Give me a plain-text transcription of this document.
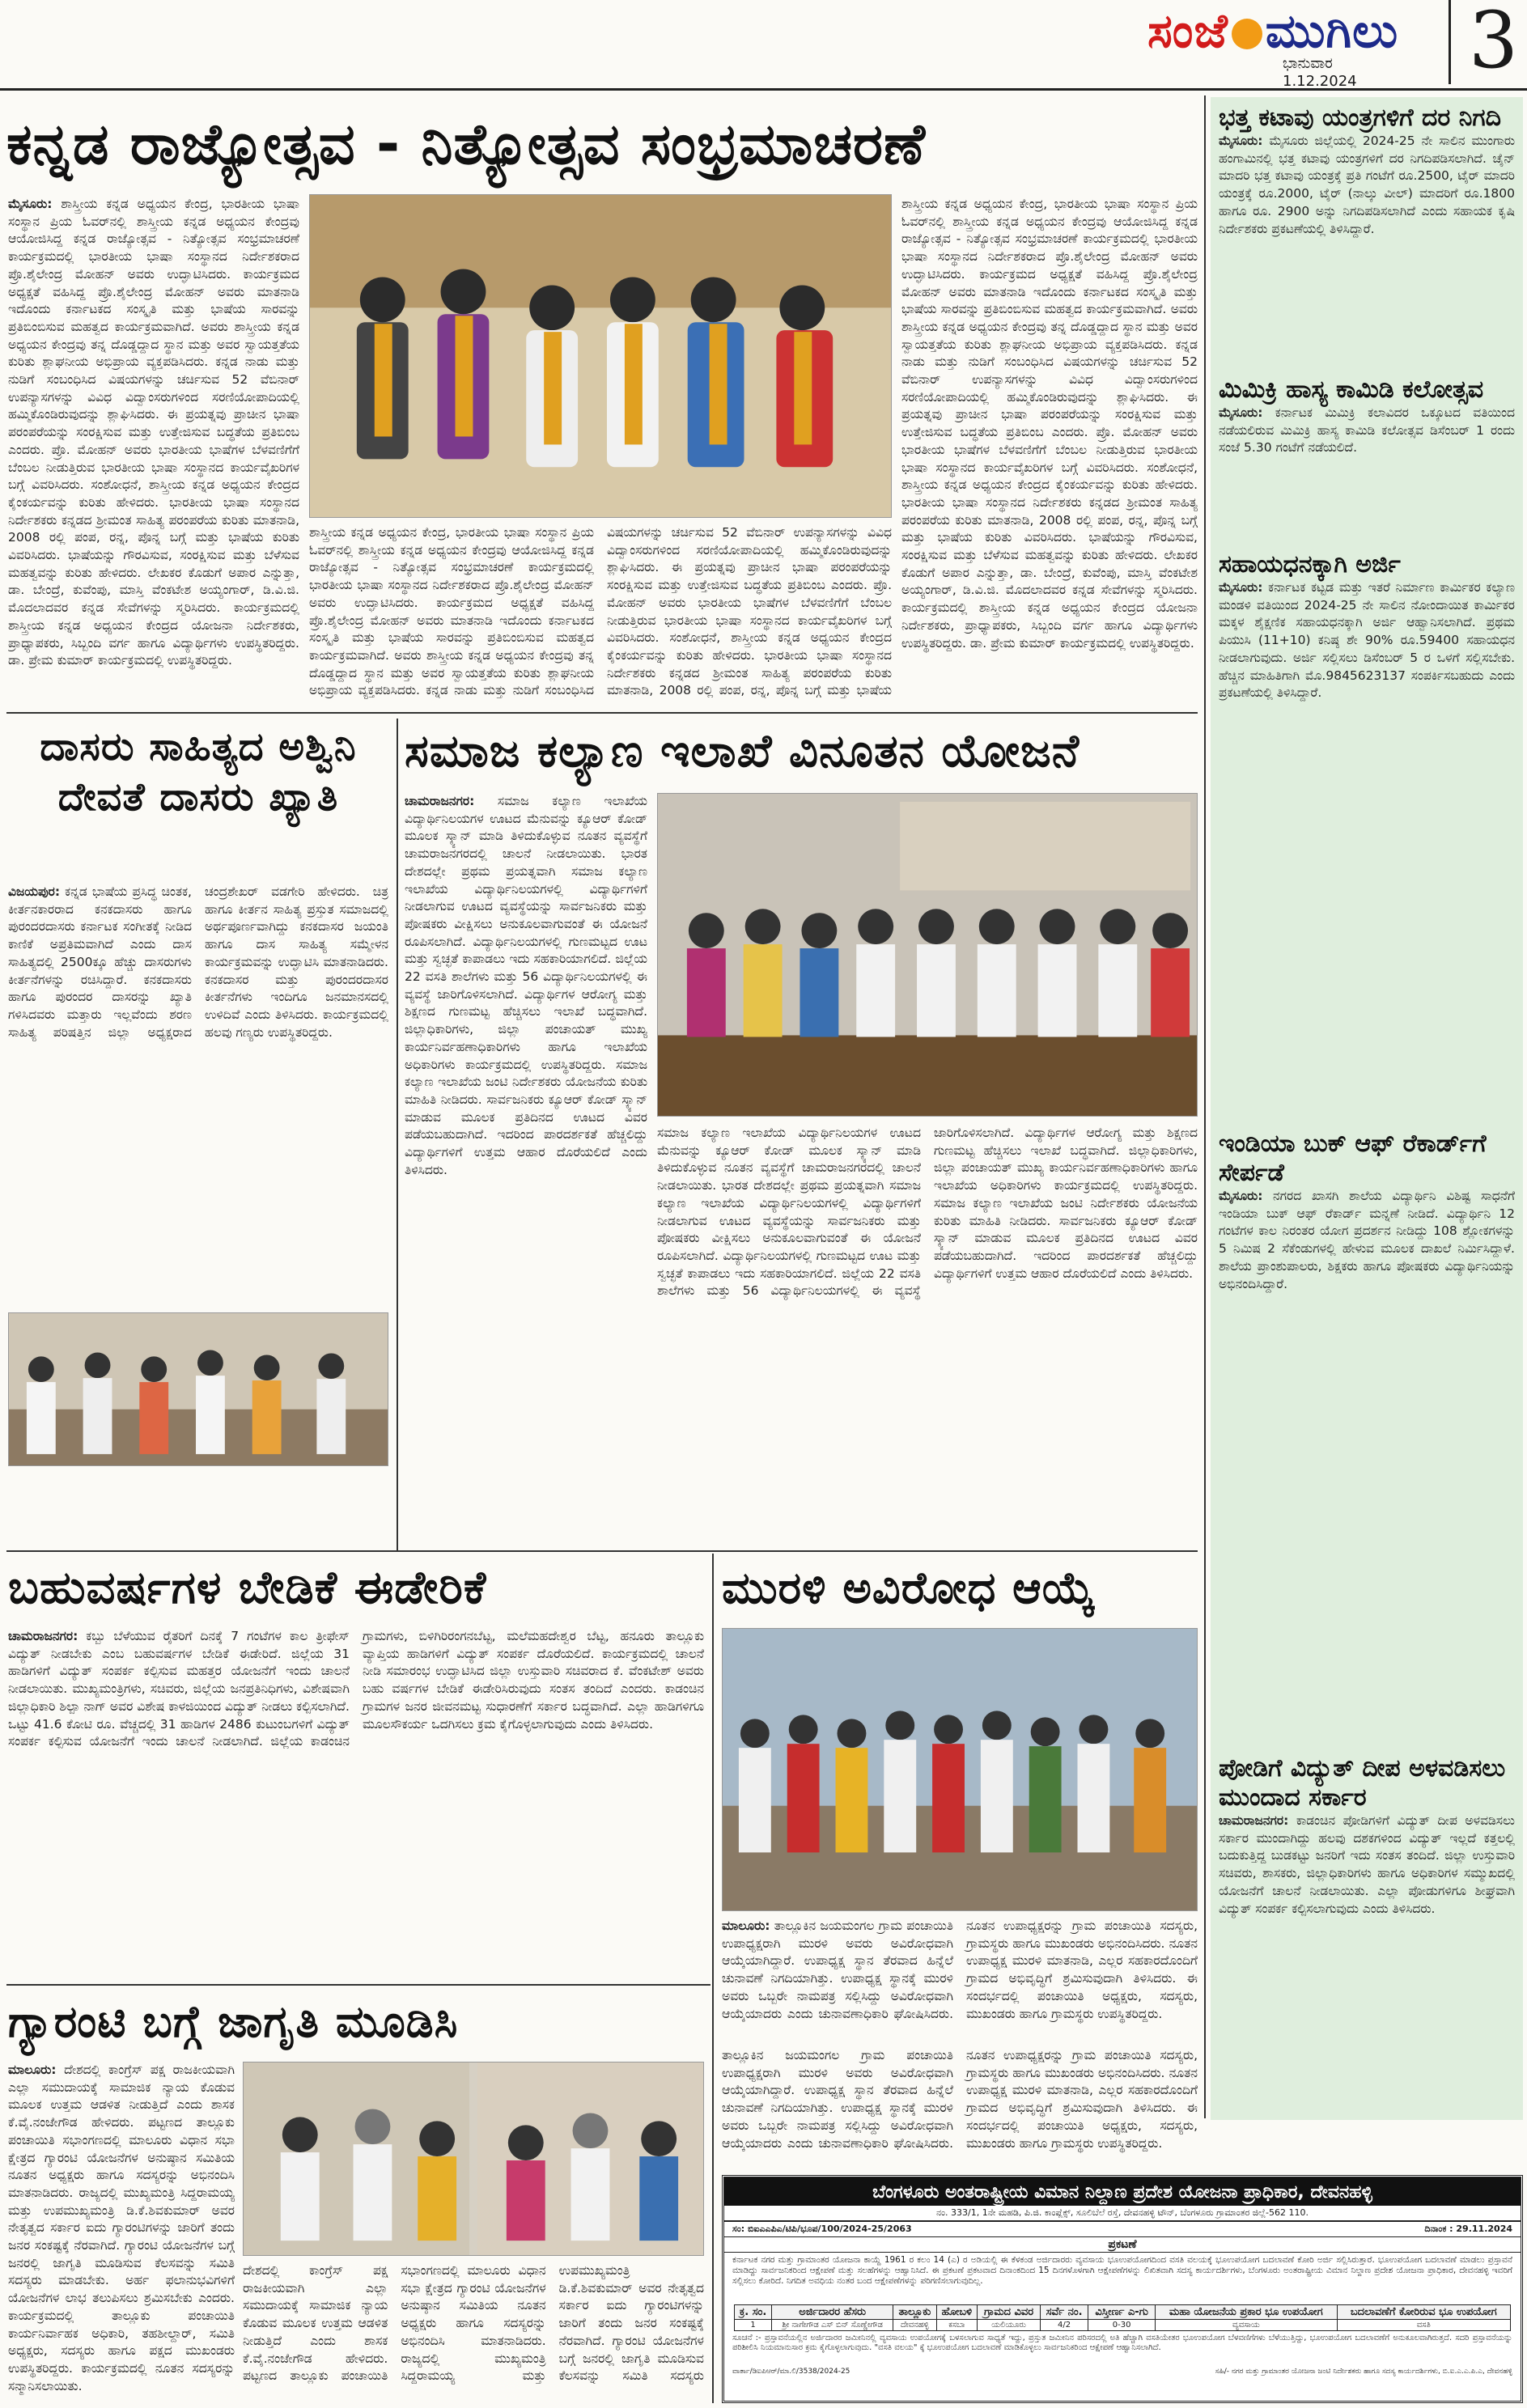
ಸಂಜೆ ಮುಗಿಲು
ಭಾನುವಾರ
1.12.2024 3
ಕನ್ನಡ ರಾಜ್ಯೋತ್ಸವ - ನಿತ್ಯೋತ್ಸವ ಸಂಭ್ರಮಾಚರಣೆ
ಮೈಸೂರು: ಶಾಸ್ತ್ರೀಯ ಕನ್ನಡ ಅಧ್ಯಯನ ಕೇಂದ್ರ, ಭಾರತೀಯ ಭಾಷಾ ಸಂಸ್ಥಾನ ಪ್ರಿಯ ಓವರ್‌ನಲ್ಲಿ ಶಾಸ್ತ್ರೀಯ ಕನ್ನಡ ಅಧ್ಯಯನ ಕೇಂದ್ರವು ಆಯೋಜಿಸಿದ್ದ ಕನ್ನಡ ರಾಜ್ಯೋತ್ಸವ - ನಿತ್ಯೋತ್ಸವ ಸಂಭ್ರಮಾಚರಣೆ ಕಾರ್ಯಕ್ರಮದಲ್ಲಿ ಭಾರತೀಯ ಭಾಷಾ ಸಂಸ್ಥಾನದ ನಿರ್ದೇಶಕರಾದ ಪ್ರೊ.ಶೈಲೇಂದ್ರ ಮೋಹನ್ ಅವರು ಉದ್ಘಾಟಿಸಿದರು. ಕಾರ್ಯಕ್ರಮದ ಅಧ್ಯಕ್ಷತೆ ವಹಿಸಿದ್ದ ಪ್ರೊ.ಶೈಲೇಂದ್ರ ಮೋಹನ್ ಅವರು ಮಾತನಾಡಿ ಇದೊಂದು ಕರ್ನಾಟಕದ ಸಂಸ್ಕೃತಿ ಮತ್ತು ಭಾಷೆಯ ಸಾರವನ್ನು ಪ್ರತಿಬಿಂಬಿಸುವ ಮಹತ್ವದ ಕಾರ್ಯಕ್ರಮವಾಗಿದೆ. ಅವರು ಶಾಸ್ತ್ರೀಯ ಕನ್ನಡ ಅಧ್ಯಯನ ಕೇಂದ್ರವು ತನ್ನ ದೊಡ್ಡದ್ದಾದ ಸ್ಥಾನ ಮತ್ತು ಅವರ ಸ್ವಾಯತ್ತತೆಯ ಕುರಿತು ಶ್ಲಾಘನೀಯ ಅಭಿಪ್ರಾಯ ವ್ಯಕ್ತಪಡಿಸಿದರು. ಕನ್ನಡ ನಾಡು ಮತ್ತು ನುಡಿಗೆ ಸಂಬಂಧಿಸಿದ ವಿಷಯಗಳನ್ನು ಚರ್ಚಿಸುವ 52 ವೆಬಿನಾರ್ ಉಪನ್ಯಾಸಗಳನ್ನು ವಿವಿಧ ವಿದ್ವಾಂಸರುಗಳಿಂದ ಸರಣಿಯೋಪಾದಿಯಲ್ಲಿ ಹಮ್ಮಿಕೊಂಡಿರುವುದನ್ನು ಶ್ಲಾಘಿಸಿದರು. ಈ ಪ್ರಯತ್ನವು ಪ್ರಾಚೀನ ಭಾಷಾ ಪರಂಪರೆಯನ್ನು ಸಂರಕ್ಷಿಸುವ ಮತ್ತು ಉತ್ತೇಜಿಸುವ ಬದ್ಧತೆಯ ಪ್ರತಿಬಿಂಬ ಎಂದರು. ಪ್ರೊ. ಮೋಹನ್ ಅವರು ಭಾರತೀಯ ಭಾಷೆಗಳ ಬೆಳವಣಿಗೆಗೆ ಬೆಂಬಲ ನೀಡುತ್ತಿರುವ ಭಾರತೀಯ ಭಾಷಾ ಸಂಸ್ಥಾನದ ಕಾರ್ಯವೈಖರಿಗಳ ಬಗ್ಗೆ ವಿವರಿಸಿದರು. ಸಂಶೋಧನೆ, ಶಾಸ್ತ್ರೀಯ ಕನ್ನಡ ಅಧ್ಯಯನ ಕೇಂದ್ರದ ಕೈಂಕರ್ಯವನ್ನು ಕುರಿತು ಹೇಳಿದರು. ಭಾರತೀಯ ಭಾಷಾ ಸಂಸ್ಥಾನದ ನಿರ್ದೇಶಕರು ಕನ್ನಡದ ಶ್ರೀಮಂತ ಸಾಹಿತ್ಯ ಪರಂಪರೆಯ ಕುರಿತು ಮಾತನಾಡಿ, 2008 ರಲ್ಲಿ ಪಂಪ, ರನ್ನ, ಪೊನ್ನ ಬಗ್ಗೆ ಮತ್ತು ಭಾಷೆಯ ಕುರಿತು ವಿವರಿಸಿದರು. ಭಾಷೆಯನ್ನು ಗೌರವಿಸುವ, ಸಂರಕ್ಷಿಸುವ ಮತ್ತು ಬೆಳೆಸುವ ಮಹತ್ವವನ್ನು ಕುರಿತು ಹೇಳಿದರು. ಲೇಖಕರ ಕೊಡುಗೆ ಅಪಾರ ಎನ್ನುತ್ತಾ, ಡಾ. ಬೇಂದ್ರೆ, ಕುವೆಂಪು, ಮಾಸ್ತಿ ವೆಂಕಟೇಶ ಅಯ್ಯಂಗಾರ್, ಡಿ.ವಿ.ಜಿ. ಮೊದಲಾದವರ ಕನ್ನಡ ಸೇವೆಗಳನ್ನು ಸ್ಮರಿಸಿದರು. ಕಾರ್ಯಕ್ರಮದಲ್ಲಿ ಶಾಸ್ತ್ರೀಯ ಕನ್ನಡ ಅಧ್ಯಯನ ಕೇಂದ್ರದ ಯೋಜನಾ ನಿರ್ದೇಶಕರು, ಪ್ರಾಧ್ಯಾಪಕರು, ಸಿಬ್ಬಂದಿ ವರ್ಗ ಹಾಗೂ ವಿದ್ಯಾರ್ಥಿಗಳು ಉಪಸ್ಥಿತರಿದ್ದರು. ಡಾ. ಪ್ರೇಮ ಕುಮಾರ್ ಕಾರ್ಯಕ್ರಮದಲ್ಲಿ ಉಪಸ್ಥಿತರಿದ್ದರು.
ಶಾಸ್ತ್ರೀಯ ಕನ್ನಡ ಅಧ್ಯಯನ ಕೇಂದ್ರ, ಭಾರತೀಯ ಭಾಷಾ ಸಂಸ್ಥಾನ ಪ್ರಿಯ ಓವರ್‌ನಲ್ಲಿ ಶಾಸ್ತ್ರೀಯ ಕನ್ನಡ ಅಧ್ಯಯನ ಕೇಂದ್ರವು ಆಯೋಜಿಸಿದ್ದ ಕನ್ನಡ ರಾಜ್ಯೋತ್ಸವ - ನಿತ್ಯೋತ್ಸವ ಸಂಭ್ರಮಾಚರಣೆ ಕಾರ್ಯಕ್ರಮದಲ್ಲಿ ಭಾರತೀಯ ಭಾಷಾ ಸಂಸ್ಥಾನದ ನಿರ್ದೇಶಕರಾದ ಪ್ರೊ.ಶೈಲೇಂದ್ರ ಮೋಹನ್ ಅವರು ಉದ್ಘಾಟಿಸಿದರು. ಕಾರ್ಯಕ್ರಮದ ಅಧ್ಯಕ್ಷತೆ ವಹಿಸಿದ್ದ ಪ್ರೊ.ಶೈಲೇಂದ್ರ ಮೋಹನ್ ಅವರು ಮಾತನಾಡಿ ಇದೊಂದು ಕರ್ನಾಟಕದ ಸಂಸ್ಕೃತಿ ಮತ್ತು ಭಾಷೆಯ ಸಾರವನ್ನು ಪ್ರತಿಬಿಂಬಿಸುವ ಮಹತ್ವದ ಕಾರ್ಯಕ್ರಮವಾಗಿದೆ. ಅವರು ಶಾಸ್ತ್ರೀಯ ಕನ್ನಡ ಅಧ್ಯಯನ ಕೇಂದ್ರವು ತನ್ನ ದೊಡ್ಡದ್ದಾದ ಸ್ಥಾನ ಮತ್ತು ಅವರ ಸ್ವಾಯತ್ತತೆಯ ಕುರಿತು ಶ್ಲಾಘನೀಯ ಅಭಿಪ್ರಾಯ ವ್ಯಕ್ತಪಡಿಸಿದರು. ಕನ್ನಡ ನಾಡು ಮತ್ತು ನುಡಿಗೆ ಸಂಬಂಧಿಸಿದ ವಿಷಯಗಳನ್ನು ಚರ್ಚಿಸುವ 52 ವೆಬಿನಾರ್ ಉಪನ್ಯಾಸಗಳನ್ನು ವಿವಿಧ ವಿದ್ವಾಂಸರುಗಳಿಂದ ಸರಣಿಯೋಪಾದಿಯಲ್ಲಿ ಹಮ್ಮಿಕೊಂಡಿರುವುದನ್ನು ಶ್ಲಾಘಿಸಿದರು. ಈ ಪ್ರಯತ್ನವು ಪ್ರಾಚೀನ ಭಾಷಾ ಪರಂಪರೆಯನ್ನು ಸಂರಕ್ಷಿಸುವ ಮತ್ತು ಉತ್ತೇಜಿಸುವ ಬದ್ಧತೆಯ ಪ್ರತಿಬಿಂಬ ಎಂದರು. ಪ್ರೊ. ಮೋಹನ್ ಅವರು ಭಾರತೀಯ ಭಾಷೆಗಳ ಬೆಳವಣಿಗೆಗೆ ಬೆಂಬಲ ನೀಡುತ್ತಿರುವ ಭಾರತೀಯ ಭಾಷಾ ಸಂಸ್ಥಾನದ ಕಾರ್ಯವೈಖರಿಗಳ ಬಗ್ಗೆ ವಿವರಿಸಿದರು. ಸಂಶೋಧನೆ, ಶಾಸ್ತ್ರೀಯ ಕನ್ನಡ ಅಧ್ಯಯನ ಕೇಂದ್ರದ ಕೈಂಕರ್ಯವನ್ನು ಕುರಿತು ಹೇಳಿದರು. ಭಾರತೀಯ ಭಾಷಾ ಸಂಸ್ಥಾನದ ನಿರ್ದೇಶಕರು ಕನ್ನಡದ ಶ್ರೀಮಂತ ಸಾಹಿತ್ಯ ಪರಂಪರೆಯ ಕುರಿತು ಮಾತನಾಡಿ, 2008 ರಲ್ಲಿ ಪಂಪ, ರನ್ನ, ಪೊನ್ನ ಬಗ್ಗೆ ಮತ್ತು ಭಾಷೆಯ
ಶಾಸ್ತ್ರೀಯ ಕನ್ನಡ ಅಧ್ಯಯನ ಕೇಂದ್ರ, ಭಾರತೀಯ ಭಾಷಾ ಸಂಸ್ಥಾನ ಪ್ರಿಯ ಓವರ್‌ನಲ್ಲಿ ಶಾಸ್ತ್ರೀಯ ಕನ್ನಡ ಅಧ್ಯಯನ ಕೇಂದ್ರವು ಆಯೋಜಿಸಿದ್ದ ಕನ್ನಡ ರಾಜ್ಯೋತ್ಸವ - ನಿತ್ಯೋತ್ಸವ ಸಂಭ್ರಮಾಚರಣೆ ಕಾರ್ಯಕ್ರಮದಲ್ಲಿ ಭಾರತೀಯ ಭಾಷಾ ಸಂಸ್ಥಾನದ ನಿರ್ದೇಶಕರಾದ ಪ್ರೊ.ಶೈಲೇಂದ್ರ ಮೋಹನ್ ಅವರು ಉದ್ಘಾಟಿಸಿದರು. ಕಾರ್ಯಕ್ರಮದ ಅಧ್ಯಕ್ಷತೆ ವಹಿಸಿದ್ದ ಪ್ರೊ.ಶೈಲೇಂದ್ರ ಮೋಹನ್ ಅವರು ಮಾತನಾಡಿ ಇದೊಂದು ಕರ್ನಾಟಕದ ಸಂಸ್ಕೃತಿ ಮತ್ತು ಭಾಷೆಯ ಸಾರವನ್ನು ಪ್ರತಿಬಿಂಬಿಸುವ ಮಹತ್ವದ ಕಾರ್ಯಕ್ರಮವಾಗಿದೆ. ಅವರು ಶಾಸ್ತ್ರೀಯ ಕನ್ನಡ ಅಧ್ಯಯನ ಕೇಂದ್ರವು ತನ್ನ ದೊಡ್ಡದ್ದಾದ ಸ್ಥಾನ ಮತ್ತು ಅವರ ಸ್ವಾಯತ್ತತೆಯ ಕುರಿತು ಶ್ಲಾಘನೀಯ ಅಭಿಪ್ರಾಯ ವ್ಯಕ್ತಪಡಿಸಿದರು. ಕನ್ನಡ ನಾಡು ಮತ್ತು ನುಡಿಗೆ ಸಂಬಂಧಿಸಿದ ವಿಷಯಗಳನ್ನು ಚರ್ಚಿಸುವ 52 ವೆಬಿನಾರ್ ಉಪನ್ಯಾಸಗಳನ್ನು ವಿವಿಧ ವಿದ್ವಾಂಸರುಗಳಿಂದ ಸರಣಿಯೋಪಾದಿಯಲ್ಲಿ ಹಮ್ಮಿಕೊಂಡಿರುವುದನ್ನು ಶ್ಲಾಘಿಸಿದರು. ಈ ಪ್ರಯತ್ನವು ಪ್ರಾಚೀನ ಭಾಷಾ ಪರಂಪರೆಯನ್ನು ಸಂರಕ್ಷಿಸುವ ಮತ್ತು ಉತ್ತೇಜಿಸುವ ಬದ್ಧತೆಯ ಪ್ರತಿಬಿಂಬ ಎಂದರು. ಪ್ರೊ. ಮೋಹನ್ ಅವರು ಭಾರತೀಯ ಭಾಷೆಗಳ ಬೆಳವಣಿಗೆಗೆ ಬೆಂಬಲ ನೀಡುತ್ತಿರುವ ಭಾರತೀಯ ಭಾಷಾ ಸಂಸ್ಥಾನದ ಕಾರ್ಯವೈಖರಿಗಳ ಬಗ್ಗೆ ವಿವರಿಸಿದರು. ಸಂಶೋಧನೆ, ಶಾಸ್ತ್ರೀಯ ಕನ್ನಡ ಅಧ್ಯಯನ ಕೇಂದ್ರದ ಕೈಂಕರ್ಯವನ್ನು ಕುರಿತು ಹೇಳಿದರು. ಭಾರತೀಯ ಭಾಷಾ ಸಂಸ್ಥಾನದ ನಿರ್ದೇಶಕರು ಕನ್ನಡದ ಶ್ರೀಮಂತ ಸಾಹಿತ್ಯ ಪರಂಪರೆಯ ಕುರಿತು ಮಾತನಾಡಿ, 2008 ರಲ್ಲಿ ಪಂಪ, ರನ್ನ, ಪೊನ್ನ ಬಗ್ಗೆ ಮತ್ತು ಭಾಷೆಯ ಕುರಿತು ವಿವರಿಸಿದರು. ಭಾಷೆಯನ್ನು ಗೌರವಿಸುವ, ಸಂರಕ್ಷಿಸುವ ಮತ್ತು ಬೆಳೆಸುವ ಮಹತ್ವವನ್ನು ಕುರಿತು ಹೇಳಿದರು. ಲೇಖಕರ ಕೊಡುಗೆ ಅಪಾರ ಎನ್ನುತ್ತಾ, ಡಾ. ಬೇಂದ್ರೆ, ಕುವೆಂಪು, ಮಾಸ್ತಿ ವೆಂಕಟೇಶ ಅಯ್ಯಂಗಾರ್, ಡಿ.ವಿ.ಜಿ. ಮೊದಲಾದವರ ಕನ್ನಡ ಸೇವೆಗಳನ್ನು ಸ್ಮರಿಸಿದರು. ಕಾರ್ಯಕ್ರಮದಲ್ಲಿ ಶಾಸ್ತ್ರೀಯ ಕನ್ನಡ ಅಧ್ಯಯನ ಕೇಂದ್ರದ ಯೋಜನಾ ನಿರ್ದೇಶಕರು, ಪ್ರಾಧ್ಯಾಪಕರು, ಸಿಬ್ಬಂದಿ ವರ್ಗ ಹಾಗೂ ವಿದ್ಯಾರ್ಥಿಗಳು ಉಪಸ್ಥಿತರಿದ್ದರು. ಡಾ. ಪ್ರೇಮ ಕುಮಾರ್ ಕಾರ್ಯಕ್ರಮದಲ್ಲಿ ಉಪಸ್ಥಿತರಿದ್ದರು.
ದಾಸರು ಸಾಹಿತ್ಯದ ಅಶ್ವಿನಿ ದೇವತೆ ದಾಸರು ಖ್ಯಾತಿ
ವಿಜಯಪುರ: ಕನ್ನಡ ಭಾಷೆಯ ಪ್ರಸಿದ್ಧ ಚಿಂತಕ, ಕೀರ್ತನಕಾರರಾದ ಕನಕದಾಸರು ಹಾಗೂ ಪುರಂದರದಾಸರು ಕರ್ನಾಟಕ ಸಂಗೀತಕ್ಕೆ ನೀಡಿದ ಕಾಣಿಕೆ ಅಪ್ರತಿಮವಾಗಿದೆ ಎಂದು ದಾಸ ಸಾಹಿತ್ಯದಲ್ಲಿ 2500ಕ್ಕೂ ಹೆಚ್ಚು ದಾಸರುಗಳು ಕೀರ್ತನೆಗಳನ್ನು ರಚಿಸಿದ್ದಾರೆ. ಕನಕದಾಸರು ಹಾಗೂ ಪುರಂದರ ದಾಸರನ್ನು ಖ್ಯಾತಿ ಗಳಿಸಿದವರು ಮತ್ತಾರು ಇಲ್ಲವೆಂದು ಶರಣ ಸಾಹಿತ್ಯ ಪರಿಷತ್ತಿನ ಜಿಲ್ಲಾ ಅಧ್ಯಕ್ಷರಾದ ಚಂದ್ರಶೇಖರ್ ವಡಗೇರಿ ಹೇಳಿದರು. ಚಿತ್ರ ಹಾಗೂ ಕೀರ್ತನ ಸಾಹಿತ್ಯ ಪ್ರಸ್ತುತ ಸಮಾಜದಲ್ಲಿ ಅರ್ಥಪೂರ್ಣವಾಗಿದ್ದು ಕನಕದಾಸರ ಜಯಂತಿ ಹಾಗೂ ದಾಸ ಸಾಹಿತ್ಯ ಸಮ್ಮೇಳನ ಕಾರ್ಯಕ್ರಮವನ್ನು ಉದ್ಘಾಟಿಸಿ ಮಾತನಾಡಿದರು. ಕನಕದಾಸರ ಮತ್ತು ಪುರಂದರದಾಸರ ಕೀರ್ತನೆಗಳು ಇಂದಿಗೂ ಜನಮಾನಸದಲ್ಲಿ ಉಳಿದಿವೆ ಎಂದು ತಿಳಿಸಿದರು. ಕಾರ್ಯಕ್ರಮದಲ್ಲಿ ಹಲವು ಗಣ್ಯರು ಉಪಸ್ಥಿತರಿದ್ದರು.
ಸಮಾಜ ಕಲ್ಯಾಣ ಇಲಾಖೆ ವಿನೂತನ ಯೋಜನೆ
ಚಾಮರಾಜನಗರ: ಸಮಾಜ ಕಲ್ಯಾಣ ಇಲಾಖೆಯ ವಿದ್ಯಾರ್ಥಿನಿಲಯಗಳ ಊಟದ ಮೆನುವನ್ನು ಕ್ಯೂಆರ್ ಕೋಡ್ ಮೂಲಕ ಸ್ಕ್ಯಾನ್ ಮಾಡಿ ತಿಳಿದುಕೊಳ್ಳುವ ನೂತನ ವ್ಯವಸ್ಥೆಗೆ ಚಾಮರಾಜನಗರದಲ್ಲಿ ಚಾಲನೆ ನೀಡಲಾಯಿತು. ಭಾರತ ದೇಶದಲ್ಲೇ ಪ್ರಥಮ ಪ್ರಯತ್ನವಾಗಿ ಸಮಾಜ ಕಲ್ಯಾಣ ಇಲಾಖೆಯ ವಿದ್ಯಾರ್ಥಿನಿಲಯಗಳಲ್ಲಿ ವಿದ್ಯಾರ್ಥಿಗಳಿಗೆ ನೀಡಲಾಗುವ ಊಟದ ವ್ಯವಸ್ಥೆಯನ್ನು ಸಾರ್ವಜನಿಕರು ಮತ್ತು ಪೋಷಕರು ವೀಕ್ಷಿಸಲು ಅನುಕೂಲವಾಗುವಂತೆ ಈ ಯೋಜನೆ ರೂಪಿಸಲಾಗಿದೆ. ವಿದ್ಯಾರ್ಥಿನಿಲಯಗಳಲ್ಲಿ ಗುಣಮಟ್ಟದ ಊಟ ಮತ್ತು ಸ್ವಚ್ಛತೆ ಕಾಪಾಡಲು ಇದು ಸಹಕಾರಿಯಾಗಲಿದೆ. ಜಿಲ್ಲೆಯ 22 ವಸತಿ ಶಾಲೆಗಳು ಮತ್ತು 56 ವಿದ್ಯಾರ್ಥಿನಿಲಯಗಳಲ್ಲಿ ಈ ವ್ಯವಸ್ಥೆ ಜಾರಿಗೊಳಿಸಲಾಗಿದೆ. ವಿದ್ಯಾರ್ಥಿಗಳ ಆರೋಗ್ಯ ಮತ್ತು ಶಿಕ್ಷಣದ ಗುಣಮಟ್ಟ ಹೆಚ್ಚಿಸಲು ಇಲಾಖೆ ಬದ್ಧವಾಗಿದೆ. ಜಿಲ್ಲಾಧಿಕಾರಿಗಳು, ಜಿಲ್ಲಾ ಪಂಚಾಯತ್ ಮುಖ್ಯ ಕಾರ್ಯನಿರ್ವಹಣಾಧಿಕಾರಿಗಳು ಹಾಗೂ ಇಲಾಖೆಯ ಅಧಿಕಾರಿಗಳು ಕಾರ್ಯಕ್ರಮದಲ್ಲಿ ಉಪಸ್ಥಿತರಿದ್ದರು. ಸಮಾಜ ಕಲ್ಯಾಣ ಇಲಾಖೆಯ ಜಂಟಿ ನಿರ್ದೇಶಕರು ಯೋಜನೆಯ ಕುರಿತು ಮಾಹಿತಿ ನೀಡಿದರು. ಸಾರ್ವಜನಿಕರು ಕ್ಯೂಆರ್ ಕೋಡ್ ಸ್ಕ್ಯಾನ್ ಮಾಡುವ ಮೂಲಕ ಪ್ರತಿದಿನದ ಊಟದ ವಿವರ ಪಡೆಯಬಹುದಾಗಿದೆ. ಇದರಿಂದ ಪಾರದರ್ಶಕತೆ ಹೆಚ್ಚಲಿದ್ದು ವಿದ್ಯಾರ್ಥಿಗಳಿಗೆ ಉತ್ತಮ ಆಹಾರ ದೊರೆಯಲಿದೆ ಎಂದು ತಿಳಿಸಿದರು.
ಸಮಾಜ ಕಲ್ಯಾಣ ಇಲಾಖೆಯ ವಿದ್ಯಾರ್ಥಿನಿಲಯಗಳ ಊಟದ ಮೆನುವನ್ನು ಕ್ಯೂಆರ್ ಕೋಡ್ ಮೂಲಕ ಸ್ಕ್ಯಾನ್ ಮಾಡಿ ತಿಳಿದುಕೊಳ್ಳುವ ನೂತನ ವ್ಯವಸ್ಥೆಗೆ ಚಾಮರಾಜನಗರದಲ್ಲಿ ಚಾಲನೆ ನೀಡಲಾಯಿತು. ಭಾರತ ದೇಶದಲ್ಲೇ ಪ್ರಥಮ ಪ್ರಯತ್ನವಾಗಿ ಸಮಾಜ ಕಲ್ಯಾಣ ಇಲಾಖೆಯ ವಿದ್ಯಾರ್ಥಿನಿಲಯಗಳಲ್ಲಿ ವಿದ್ಯಾರ್ಥಿಗಳಿಗೆ ನೀಡಲಾಗುವ ಊಟದ ವ್ಯವಸ್ಥೆಯನ್ನು ಸಾರ್ವಜನಿಕರು ಮತ್ತು ಪೋಷಕರು ವೀಕ್ಷಿಸಲು ಅನುಕೂಲವಾಗುವಂತೆ ಈ ಯೋಜನೆ ರೂಪಿಸಲಾಗಿದೆ. ವಿದ್ಯಾರ್ಥಿನಿಲಯಗಳಲ್ಲಿ ಗುಣಮಟ್ಟದ ಊಟ ಮತ್ತು ಸ್ವಚ್ಛತೆ ಕಾಪಾಡಲು ಇದು ಸಹಕಾರಿಯಾಗಲಿದೆ. ಜಿಲ್ಲೆಯ 22 ವಸತಿ ಶಾಲೆಗಳು ಮತ್ತು 56 ವಿದ್ಯಾರ್ಥಿನಿಲಯಗಳಲ್ಲಿ ಈ ವ್ಯವಸ್ಥೆ ಜಾರಿಗೊಳಿಸಲಾಗಿದೆ. ವಿದ್ಯಾರ್ಥಿಗಳ ಆರೋಗ್ಯ ಮತ್ತು ಶಿಕ್ಷಣದ ಗುಣಮಟ್ಟ ಹೆಚ್ಚಿಸಲು ಇಲಾಖೆ ಬದ್ಧವಾಗಿದೆ. ಜಿಲ್ಲಾಧಿಕಾರಿಗಳು, ಜಿಲ್ಲಾ ಪಂಚಾಯತ್ ಮುಖ್ಯ ಕಾರ್ಯನಿರ್ವಹಣಾಧಿಕಾರಿಗಳು ಹಾಗೂ ಇಲಾಖೆಯ ಅಧಿಕಾರಿಗಳು ಕಾರ್ಯಕ್ರಮದಲ್ಲಿ ಉಪಸ್ಥಿತರಿದ್ದರು. ಸಮಾಜ ಕಲ್ಯಾಣ ಇಲಾಖೆಯ ಜಂಟಿ ನಿರ್ದೇಶಕರು ಯೋಜನೆಯ ಕುರಿತು ಮಾಹಿತಿ ನೀಡಿದರು. ಸಾರ್ವಜನಿಕರು ಕ್ಯೂಆರ್ ಕೋಡ್ ಸ್ಕ್ಯಾನ್ ಮಾಡುವ ಮೂಲಕ ಪ್ರತಿದಿನದ ಊಟದ ವಿವರ ಪಡೆಯಬಹುದಾಗಿದೆ. ಇದರಿಂದ ಪಾರದರ್ಶಕತೆ ಹೆಚ್ಚಲಿದ್ದು ವಿದ್ಯಾರ್ಥಿಗಳಿಗೆ ಉತ್ತಮ ಆಹಾರ ದೊರೆಯಲಿದೆ ಎಂದು ತಿಳಿಸಿದರು.
ಬಹುವರ್ಷಗಳ ಬೇಡಿಕೆ ಈಡೇರಿಕೆ
ಚಾಮರಾಜನಗರ: ಕಬ್ಬು ಬೆಳೆಯುವ ರೈತರಿಗೆ ದಿನಕ್ಕೆ 7 ಗಂಟೆಗಳ ಕಾಲ ತ್ರೀಫೇಸ್ ವಿದ್ಯುತ್ ನೀಡಬೇಕು ಎಂಬ ಬಹುವರ್ಷಗಳ ಬೇಡಿಕೆ ಈಡೇರಿದೆ. ಜಿಲ್ಲೆಯ 31 ಹಾಡಿಗಳಿಗೆ ವಿದ್ಯುತ್ ಸಂಪರ್ಕ ಕಲ್ಪಿಸುವ ಮಹತ್ತರ ಯೋಜನೆಗೆ ಇಂದು ಚಾಲನೆ ನೀಡಲಾಯಿತು. ಮುಖ್ಯಮಂತ್ರಿಗಳು, ಸಚಿವರು, ಜಿಲ್ಲೆಯ ಜನಪ್ರತಿನಿಧಿಗಳು, ವಿಶೇಷವಾಗಿ ಜಿಲ್ಲಾಧಿಕಾರಿ ಶಿಲ್ಪಾ ನಾಗ್ ಅವರ ವಿಶೇಷ ಕಾಳಜಿಯಿಂದ ವಿದ್ಯುತ್ ನೀಡಲು ಕಲ್ಪಿಸಲಾಗಿದೆ. ಒಟ್ಟು 41.6 ಕೋಟಿ ರೂ. ವೆಚ್ಚದಲ್ಲಿ 31 ಹಾಡಿಗಳ 2486 ಕುಟುಂಬಗಳಿಗೆ ವಿದ್ಯುತ್ ಸಂಪರ್ಕ ಕಲ್ಪಿಸುವ ಯೋಜನೆಗೆ ಇಂದು ಚಾಲನೆ ನೀಡಲಾಗಿದೆ. ಜಿಲ್ಲೆಯ ಕಾಡಂಚಿನ ಗ್ರಾಮಗಳು, ಬಿಳಿಗಿರಿರಂಗನಬೆಟ್ಟ, ಮಲೆಮಹದೇಶ್ವರ ಬೆಟ್ಟ, ಹನೂರು ತಾಲ್ಲೂಕು ವ್ಯಾಪ್ತಿಯ ಹಾಡಿಗಳಿಗೆ ವಿದ್ಯುತ್ ಸಂಪರ್ಕ ದೊರೆಯಲಿದೆ. ಕಾರ್ಯಕ್ರಮದಲ್ಲಿ ಚಾಲನೆ ನೀಡಿ ಸಮಾರಂಭ ಉದ್ಘಾಟಿಸಿದ ಜಿಲ್ಲಾ ಉಸ್ತುವಾರಿ ಸಚಿವರಾದ ಕೆ. ವೆಂಕಟೇಶ್ ಅವರು ಬಹು ವರ್ಷಗಳ ಬೇಡಿಕೆ ಈಡೇರಿಸಿರುವುದು ಸಂತಸ ತಂದಿದೆ ಎಂದರು. ಕಾಡಂಚಿನ ಗ್ರಾಮಗಳ ಜನರ ಜೀವನಮಟ್ಟ ಸುಧಾರಣೆಗೆ ಸರ್ಕಾರ ಬದ್ಧವಾಗಿದೆ. ಎಲ್ಲಾ ಹಾಡಿಗಳಿಗೂ ಮೂಲಸೌಕರ್ಯ ಒದಗಿಸಲು ಕ್ರಮ ಕೈಗೊಳ್ಳಲಾಗುವುದು ಎಂದು ತಿಳಿಸಿದರು.
ಮುರಳಿ ಅವಿರೋಧ ಆಯ್ಕೆ
ಮಾಲೂರು: ತಾಲ್ಲೂಕಿನ ಜಯಮಂಗಲ ಗ್ರಾಮ ಪಂಚಾಯಿತಿ ಉಪಾಧ್ಯಕ್ಷರಾಗಿ ಮುರಳಿ ಅವರು ಅವಿರೋಧವಾಗಿ ಆಯ್ಕೆಯಾಗಿದ್ದಾರೆ. ಉಪಾಧ್ಯಕ್ಷ ಸ್ಥಾನ ತೆರವಾದ ಹಿನ್ನೆಲೆ ಚುನಾವಣೆ ನಿಗದಿಯಾಗಿತ್ತು. ಉಪಾಧ್ಯಕ್ಷ ಸ್ಥಾನಕ್ಕೆ ಮುರಳಿ ಅವರು ಒಬ್ಬರೇ ನಾಮಪತ್ರ ಸಲ್ಲಿಸಿದ್ದು ಅವಿರೋಧವಾಗಿ ಆಯ್ಕೆಯಾದರು ಎಂದು ಚುನಾವಣಾಧಿಕಾರಿ ಘೋಷಿಸಿದರು. ನೂತನ ಉಪಾಧ್ಯಕ್ಷರನ್ನು ಗ್ರಾಮ ಪಂಚಾಯಿತಿ ಸದಸ್ಯರು, ಗ್ರಾಮಸ್ಥರು ಹಾಗೂ ಮುಖಂಡರು ಅಭಿನಂದಿಸಿದರು. ನೂತನ ಉಪಾಧ್ಯಕ್ಷ ಮುರಳಿ ಮಾತನಾಡಿ, ಎಲ್ಲರ ಸಹಕಾರದೊಂದಿಗೆ ಗ್ರಾಮದ ಅಭಿವೃದ್ಧಿಗೆ ಶ್ರಮಿಸುವುದಾಗಿ ತಿಳಿಸಿದರು. ಈ ಸಂದರ್ಭದಲ್ಲಿ ಪಂಚಾಯಿತಿ ಅಧ್ಯಕ್ಷರು, ಸದಸ್ಯರು, ಮುಖಂಡರು ಹಾಗೂ ಗ್ರಾಮಸ್ಥರು ಉಪಸ್ಥಿತರಿದ್ದರು.
ಗ್ಯಾರಂಟಿ ಬಗ್ಗೆ ಜಾಗೃತಿ ಮೂಡಿಸಿ
ಮಾಲೂರು: ದೇಶದಲ್ಲಿ ಕಾಂಗ್ರೆಸ್ ಪಕ್ಷ ರಾಜಕೀಯವಾಗಿ ಎಲ್ಲಾ ಸಮುದಾಯಕ್ಕೆ ಸಾಮಾಜಿಕ ನ್ಯಾಯ ಕೊಡುವ ಮೂಲಕ ಉತ್ತಮ ಆಡಳಿತ ನೀಡುತ್ತಿದೆ ಎಂದು ಶಾಸಕ ಕೆ.ವೈ.ನಂಜೇಗೌಡ ಹೇಳಿದರು. ಪಟ್ಟಣದ ತಾಲ್ಲೂಕು ಪಂಚಾಯಿತಿ ಸಭಾಂಗಣದಲ್ಲಿ ಮಾಲೂರು ವಿಧಾನ ಸಭಾ ಕ್ಷೇತ್ರದ ಗ್ಯಾರಂಟಿ ಯೋಜನೆಗಳ ಅನುಷ್ಠಾನ ಸಮಿತಿಯ ನೂತನ ಅಧ್ಯಕ್ಷರು ಹಾಗೂ ಸದಸ್ಯರನ್ನು ಅಭಿನಂದಿಸಿ ಮಾತನಾಡಿದರು. ರಾಜ್ಯದಲ್ಲಿ ಮುಖ್ಯಮಂತ್ರಿ ಸಿದ್ದರಾಮಯ್ಯ ಮತ್ತು ಉಪಮುಖ್ಯಮಂತ್ರಿ ಡಿ.ಕೆ.ಶಿವಕುಮಾರ್ ಅವರ ನೇತೃತ್ವದ ಸರ್ಕಾರ ಐದು ಗ್ಯಾರಂಟಿಗಳನ್ನು ಜಾರಿಗೆ ತಂದು ಜನರ ಸಂಕಷ್ಟಕ್ಕೆ ನೆರವಾಗಿದೆ. ಗ್ಯಾರಂಟಿ ಯೋಜನೆಗಳ ಬಗ್ಗೆ ಜನರಲ್ಲಿ ಜಾಗೃತಿ ಮೂಡಿಸುವ ಕೆಲಸವನ್ನು ಸಮಿತಿ ಸದಸ್ಯರು ಮಾಡಬೇಕು. ಅರ್ಹ ಫಲಾನುಭವಿಗಳಿಗೆ ಯೋಜನೆಗಳ ಲಾಭ ತಲುಪಿಸಲು ಶ್ರಮಿಸಬೇಕು ಎಂದರು. ಕಾರ್ಯಕ್ರಮದಲ್ಲಿ ತಾಲ್ಲೂಕು ಪಂಚಾಯಿತಿ ಕಾರ್ಯನಿರ್ವಾಹಕ ಅಧಿಕಾರಿ, ತಹಶೀಲ್ದಾರ್, ಸಮಿತಿ ಅಧ್ಯಕ್ಷರು, ಸದಸ್ಯರು ಹಾಗೂ ಪಕ್ಷದ ಮುಖಂಡರು ಉಪಸ್ಥಿತರಿದ್ದರು. ಕಾರ್ಯಕ್ರಮದಲ್ಲಿ ನೂತನ ಸದಸ್ಯರನ್ನು ಸನ್ಮಾನಿಸಲಾಯಿತು.
ದೇಶದಲ್ಲಿ ಕಾಂಗ್ರೆಸ್ ಪಕ್ಷ ರಾಜಕೀಯವಾಗಿ ಎಲ್ಲಾ ಸಮುದಾಯಕ್ಕೆ ಸಾಮಾಜಿಕ ನ್ಯಾಯ ಕೊಡುವ ಮೂಲಕ ಉತ್ತಮ ಆಡಳಿತ ನೀಡುತ್ತಿದೆ ಎಂದು ಶಾಸಕ ಕೆ.ವೈ.ನಂಜೇಗೌಡ ಹೇಳಿದರು. ಪಟ್ಟಣದ ತಾಲ್ಲೂಕು ಪಂಚಾಯಿತಿ ಸಭಾಂಗಣದಲ್ಲಿ ಮಾಲೂರು ವಿಧಾನ ಸಭಾ ಕ್ಷೇತ್ರದ ಗ್ಯಾರಂಟಿ ಯೋಜನೆಗಳ ಅನುಷ್ಠಾನ ಸಮಿತಿಯ ನೂತನ ಅಧ್ಯಕ್ಷರು ಹಾಗೂ ಸದಸ್ಯರನ್ನು ಅಭಿನಂದಿಸಿ ಮಾತನಾಡಿದರು. ರಾಜ್ಯದಲ್ಲಿ ಮುಖ್ಯಮಂತ್ರಿ ಸಿದ್ದರಾಮಯ್ಯ ಮತ್ತು ಉಪಮುಖ್ಯಮಂತ್ರಿ ಡಿ.ಕೆ.ಶಿವಕುಮಾರ್ ಅವರ ನೇತೃತ್ವದ ಸರ್ಕಾರ ಐದು ಗ್ಯಾರಂಟಿಗಳನ್ನು ಜಾರಿಗೆ ತಂದು ಜನರ ಸಂಕಷ್ಟಕ್ಕೆ ನೆರವಾಗಿದೆ. ಗ್ಯಾರಂಟಿ ಯೋಜನೆಗಳ ಬಗ್ಗೆ ಜನರಲ್ಲಿ ಜಾಗೃತಿ ಮೂಡಿಸುವ ಕೆಲಸವನ್ನು ಸಮಿತಿ ಸದಸ್ಯರು
ತಾಲ್ಲೂಕಿನ ಜಯಮಂಗಲ ಗ್ರಾಮ ಪಂಚಾಯಿತಿ ಉಪಾಧ್ಯಕ್ಷರಾಗಿ ಮುರಳಿ ಅವರು ಅವಿರೋಧವಾಗಿ ಆಯ್ಕೆಯಾಗಿದ್ದಾರೆ. ಉಪಾಧ್ಯಕ್ಷ ಸ್ಥಾನ ತೆರವಾದ ಹಿನ್ನೆಲೆ ಚುನಾವಣೆ ನಿಗದಿಯಾಗಿತ್ತು. ಉಪಾಧ್ಯಕ್ಷ ಸ್ಥಾನಕ್ಕೆ ಮುರಳಿ ಅವರು ಒಬ್ಬರೇ ನಾಮಪತ್ರ ಸಲ್ಲಿಸಿದ್ದು ಅವಿರೋಧವಾಗಿ ಆಯ್ಕೆಯಾದರು ಎಂದು ಚುನಾವಣಾಧಿಕಾರಿ ಘೋಷಿಸಿದರು. ನೂತನ ಉಪಾಧ್ಯಕ್ಷರನ್ನು ಗ್ರಾಮ ಪಂಚಾಯಿತಿ ಸದಸ್ಯರು, ಗ್ರಾಮಸ್ಥರು ಹಾಗೂ ಮುಖಂಡರು ಅಭಿನಂದಿಸಿದರು. ನೂತನ ಉಪಾಧ್ಯಕ್ಷ ಮುರಳಿ ಮಾತನಾಡಿ, ಎಲ್ಲರ ಸಹಕಾರದೊಂದಿಗೆ ಗ್ರಾಮದ ಅಭಿವೃದ್ಧಿಗೆ ಶ್ರಮಿಸುವುದಾಗಿ ತಿಳಿಸಿದರು. ಈ ಸಂದರ್ಭದಲ್ಲಿ ಪಂಚಾಯಿತಿ ಅಧ್ಯಕ್ಷರು, ಸದಸ್ಯರು, ಮುಖಂಡರು ಹಾಗೂ ಗ್ರಾಮಸ್ಥರು ಉಪಸ್ಥಿತರಿದ್ದರು.
ಭತ್ತ ಕಟಾವು ಯಂತ್ರಗಳಿಗೆ ದರ ನಿಗದಿ
ಮೈಸೂರು: ಮೈಸೂರು ಜಿಲ್ಲೆಯಲ್ಲಿ 2024-25 ನೇ ಸಾಲಿನ ಮುಂಗಾರು ಹಂಗಾಮಿನಲ್ಲಿ ಭತ್ತ ಕಟಾವು ಯಂತ್ರಗಳಿಗೆ ದರ ನಿಗದಿಪಡಿಸಲಾಗಿದೆ. ಚೈನ್ ಮಾದರಿ ಭತ್ತ ಕಟಾವು ಯಂತ್ರಕ್ಕೆ ಪ್ರತಿ ಗಂಟೆಗೆ ರೂ.2500, ಟೈರ್ ಮಾದರಿ ಯಂತ್ರಕ್ಕೆ ರೂ.2000, ಟೈರ್ (ನಾಲ್ಕು ವೀಲ್) ಮಾದರಿಗೆ ರೂ.1800 ಹಾಗೂ ರೂ. 2900 ಅನ್ನು ನಿಗದಿಪಡಿಸಲಾಗಿದೆ ಎಂದು ಸಹಾಯಕ ಕೃಷಿ ನಿರ್ದೇಶಕರು ಪ್ರಕಟಣೆಯಲ್ಲಿ ತಿಳಿಸಿದ್ದಾರೆ.
ಮಿಮಿಕ್ರಿ ಹಾಸ್ಯ ಕಾಮಿಡಿ ಕಲೋತ್ಸವ
ಮೈಸೂರು: ಕರ್ನಾಟಕ ಮಿಮಿಕ್ರಿ ಕಲಾವಿದರ ಒಕ್ಕೂಟದ ವತಿಯಿಂದ ನಡೆಯಲಿರುವ ಮಿಮಿಕ್ರಿ ಹಾಸ್ಯ ಕಾಮಿಡಿ ಕಲೋತ್ಸವ ಡಿಸೆಂಬರ್ 1 ರಂದು ಸಂಜೆ 5.30 ಗಂಟೆಗೆ ನಡೆಯಲಿದೆ.
ಸಹಾಯಧನಕ್ಕಾಗಿ ಅರ್ಜಿ
ಮೈಸೂರು: ಕರ್ನಾಟಕ ಕಟ್ಟಡ ಮತ್ತು ಇತರೆ ನಿರ್ಮಾಣ ಕಾರ್ಮಿಕರ ಕಲ್ಯಾಣ ಮಂಡಳಿ ವತಿಯಿಂದ 2024-25 ನೇ ಸಾಲಿನ ನೋಂದಾಯಿತ ಕಾರ್ಮಿಕರ ಮಕ್ಕಳ ಶೈಕ್ಷಣಿಕ ಸಹಾಯಧನಕ್ಕಾಗಿ ಅರ್ಜಿ ಆಹ್ವಾನಿಸಲಾಗಿದೆ. ಪ್ರಥಮ ಪಿಯುಸಿ (11+10) ಕನಿಷ್ಠ ಶೇ 90% ರೂ.59400 ಸಹಾಯಧನ ನೀಡಲಾಗುವುದು. ಅರ್ಜಿ ಸಲ್ಲಿಸಲು ಡಿಸೆಂಬರ್ 5 ರ ಒಳಗೆ ಸಲ್ಲಿಸಬೇಕು. ಹೆಚ್ಚಿನ ಮಾಹಿತಿಗಾಗಿ ಮೊ.9845623137 ಸಂಪರ್ಕಿಸಬಹುದು ಎಂದು ಪ್ರಕಟಣೆಯಲ್ಲಿ ತಿಳಿಸಿದ್ದಾರೆ.
ಇಂಡಿಯಾ ಬುಕ್ ಆಫ್ ರೆಕಾರ್ಡ್‌ಗೆ ಸೇರ್ಪಡೆ
ಮೈಸೂರು: ನಗರದ ಖಾಸಗಿ ಶಾಲೆಯ ವಿದ್ಯಾರ್ಥಿನಿ ವಿಶಿಷ್ಟ ಸಾಧನೆಗೆ ಇಂಡಿಯಾ ಬುಕ್ ಆಫ್ ರೆಕಾರ್ಡ್ ಮನ್ನಣೆ ನೀಡಿದೆ. ವಿದ್ಯಾರ್ಥಿನಿ 12 ಗಂಟೆಗಳ ಕಾಲ ನಿರಂತರ ಯೋಗ ಪ್ರದರ್ಶನ ನೀಡಿದ್ದು 108 ಶ್ಲೋಕಗಳನ್ನು 5 ನಿಮಿಷ 2 ಸೆಕೆಂಡುಗಳಲ್ಲಿ ಹೇಳುವ ಮೂಲಕ ದಾಖಲೆ ನಿರ್ಮಿಸಿದ್ದಾಳೆ. ಶಾಲೆಯ ಪ್ರಾಂಶುಪಾಲರು, ಶಿಕ್ಷಕರು ಹಾಗೂ ಪೋಷಕರು ವಿದ್ಯಾರ್ಥಿನಿಯನ್ನು ಅಭಿನಂದಿಸಿದ್ದಾರೆ.
ಪೋಡಿಗೆ ವಿದ್ಯುತ್ ದೀಪ ಅಳವಡಿಸಲು ಮುಂದಾದ ಸರ್ಕಾರ
ಚಾಮರಾಜನಗರ: ಕಾಡಂಚಿನ ಪೋಡಿಗಳಿಗೆ ವಿದ್ಯುತ್ ದೀಪ ಅಳವಡಿಸಲು ಸರ್ಕಾರ ಮುಂದಾಗಿದ್ದು ಹಲವು ದಶಕಗಳಿಂದ ವಿದ್ಯುತ್ ಇಲ್ಲದೆ ಕತ್ತಲಲ್ಲಿ ಬದುಕುತ್ತಿದ್ದ ಬುಡಕಟ್ಟು ಜನರಿಗೆ ಇದು ಸಂತಸ ತಂದಿದೆ. ಜಿಲ್ಲಾ ಉಸ್ತುವಾರಿ ಸಚಿವರು, ಶಾಸಕರು, ಜಿಲ್ಲಾಧಿಕಾರಿಗಳು ಹಾಗೂ ಅಧಿಕಾರಿಗಳ ಸಮ್ಮುಖದಲ್ಲಿ ಯೋಜನೆಗೆ ಚಾಲನೆ ನೀಡಲಾಯಿತು. ಎಲ್ಲಾ ಪೋಡುಗಳಿಗೂ ಶೀಘ್ರವಾಗಿ ವಿದ್ಯುತ್ ಸಂಪರ್ಕ ಕಲ್ಪಿಸಲಾಗುವುದು ಎಂದು ತಿಳಿಸಿದರು.
ಬೆಂಗಳೂರು ಅಂತರಾಷ್ಟ್ರೀಯ ವಿಮಾನ ನಿಲ್ದಾಣ ಪ್ರದೇಶ ಯೋಜನಾ ಪ್ರಾಧಿಕಾರ, ದೇವನಹಳ್ಳಿ
ನಂ. 333/1, 1ನೇ ಮಹಡಿ, ಪಿ.ಜಿ. ಕಾಂಪ್ಲೆಕ್ಸ್, ಸೂಲಿಬೆಲೆ ರಸ್ತೆ, ದೇವನಹಳ್ಳಿ ಟೌನ್, ಬೆಂಗಳೂರು ಗ್ರಾಮಾಂತರ ಜಿಲ್ಲೆ-562 110.
ಸಂ: ಬಿಐಎಎಪಿಎ/ಟಿಪಿ/ಭೂಪ/100/2024-25/2063	ದಿನಾಂಕ : 29.11.2024
ಪ್ರಕಟಣೆ
ಕರ್ನಾಟಕ ನಗರ ಮತ್ತು ಗ್ರಾಮಾಂತರ ಯೋಜನಾ ಕಾಯ್ದೆ 1961 ರ ಕಲಂ 14 (ಎ) ರ ಅಡಿಯಲ್ಲಿ ಈ ಕೆಳಕಂಡ ಅರ್ಜಿದಾರರು ವ್ಯವಸಾಯ ಭೂಉಪಯೋಗದಿಂದ ವಸತಿ ವಲಯಕ್ಕೆ ಭೂಉಪಯೋಗ ಬದಲಾವಣೆ ಕೋರಿ ಅರ್ಜಿ ಸಲ್ಲಿಸಿರುತ್ತಾರೆ. ಭೂಉಪಯೋಗ ಬದಲಾವಣೆ ಮಾಡಲು ಪ್ರಸ್ತಾವನೆ ಮಾಡಿದ್ದು ಸಾರ್ವಜನಿಕರಿಂದ ಆಕ್ಷೇಪಣೆ ಮತ್ತು ಸಲಹೆಗಳನ್ನು ಆಹ್ವಾನಿಸಿದೆ. ಈ ಪ್ರಕಟಣೆ ಪ್ರಕಟವಾದ ದಿನಾಂಕದಿಂದ 15 ದಿನಗಳೊಳಗಾಗಿ ಆಕ್ಷೇಪಣೆಗಳನ್ನು ಲಿಖಿತವಾಗಿ ಸದಸ್ಯ ಕಾರ್ಯದರ್ಶಿಗಳು, ಬೆಂಗಳೂರು ಅಂತರಾಷ್ಟ್ರೀಯ ವಿಮಾನ ನಿಲ್ದಾಣ ಪ್ರದೇಶ ಯೋಜನಾ ಪ್ರಾಧಿಕಾರ, ದೇವನಹಳ್ಳಿ ಇವರಿಗೆ ಸಲ್ಲಿಸಲು ಕೋರಿದೆ. ನಿಗದಿತ ಅವಧಿಯ ನಂತರ ಬಂದ ಆಕ್ಷೇಪಣೆಗಳನ್ನು ಪರಿಗಣಿಸಲಾಗುವುದಿಲ್ಲ.
ಕ್ರ. ಸಂ.	ಅರ್ಜಿದಾರರ ಹೆಸರು	ತಾಲ್ಲೂಕು	ಹೋಬಳಿ	ಗ್ರಾಮದ ವಿವರ	ಸರ್ವೆ ನಂ.	ವಿಸ್ತೀರ್ಣ ಎ-ಗು	ಮಹಾ ಯೋಜನೆಯ ಪ್ರಕಾರ ಭೂ ಉಪಯೋಗ	ಬದಲಾವಣೆಗೆ ಕೋರಿರುವ ಭೂ ಉಪಯೋಗ
1	ಶ್ರೀ ನಾಗೇಗೌಡ ಎಸ್ ಬಿನ್ ಸೊಣ್ಣೇಗೌಡ	ದೇವನಹಳ್ಳಿ	ಕಸಬಾ	ಯಲಿಯೂರು	4/2	0-30	ವ್ಯವಸಾಯ	ವಸತಿ
ಸೂಚನೆ :- ಪ್ರಸ್ತಾವನೆಯಲ್ಲಿನ ಅರ್ಜಿದಾರರ ಜಮೀನಿನಲ್ಲಿ ವ್ಯವಸಾಯ ಉಪಯೋಗಕ್ಕೆ ಬಳಸಲಾಗುವ ಸಾಧ್ಯತೆ ಇದ್ದು, ಪ್ರಸ್ತುತ ಜಮೀನಿನ ಪರಿಸರದಲ್ಲಿ ಅತಿ ಹೆಚ್ಚಾಗಿ ವಸತಿಯೇತರ ಭೂಉಪಯೋಗ ಬೆಳವಣಿಗೆಗಳು ಬೆಳೆಯುತ್ತಿದ್ದು, ಭೂಉಪಯೋಗ ಬದಲಾವಣೆಗೆ ಅನುಕೂಲವಾಗಿರುತ್ತದೆ. ಸದರಿ ಪ್ರಸ್ತಾವನೆಯನ್ನು ಪರಿಶೀಲಿಸಿ ನಿಯಮಾನುಸಾರ ಕ್ರಮ ಕೈಗೊಳ್ಳಲಾಗುವುದು. "ವಸತಿ ವಲಯ" ಕ್ಕೆ ಭೂಉಪಯೋಗ ಬದಲಾವಣೆ ಮಾಡಿಕೊಳ್ಳಲು ಸಾರ್ವಜನಿಕರಿಂದ ಆಕ್ಷೇಪಣೆ ಆಹ್ವಾನಿಸಲಾಗಿದೆ.
ವಾರ್ತಾ/ಡಿಐಪಿಆರ್/ಮಾ.ಲಿ/3538/2024-25	ಸಹಿ/- ನಗರ ಮತ್ತು ಗ್ರಾಮಾಂತರ ಯೋಜನಾ ಜಂಟಿ ನಿರ್ದೇಶಕರು ಹಾಗೂ ಸದಸ್ಯ ಕಾರ್ಯದರ್ಶಿಗಳು, ಬಿ.ಐ.ಎ.ಎ.ಪಿ.ಎ, ದೇವನಹಳ್ಳಿ
